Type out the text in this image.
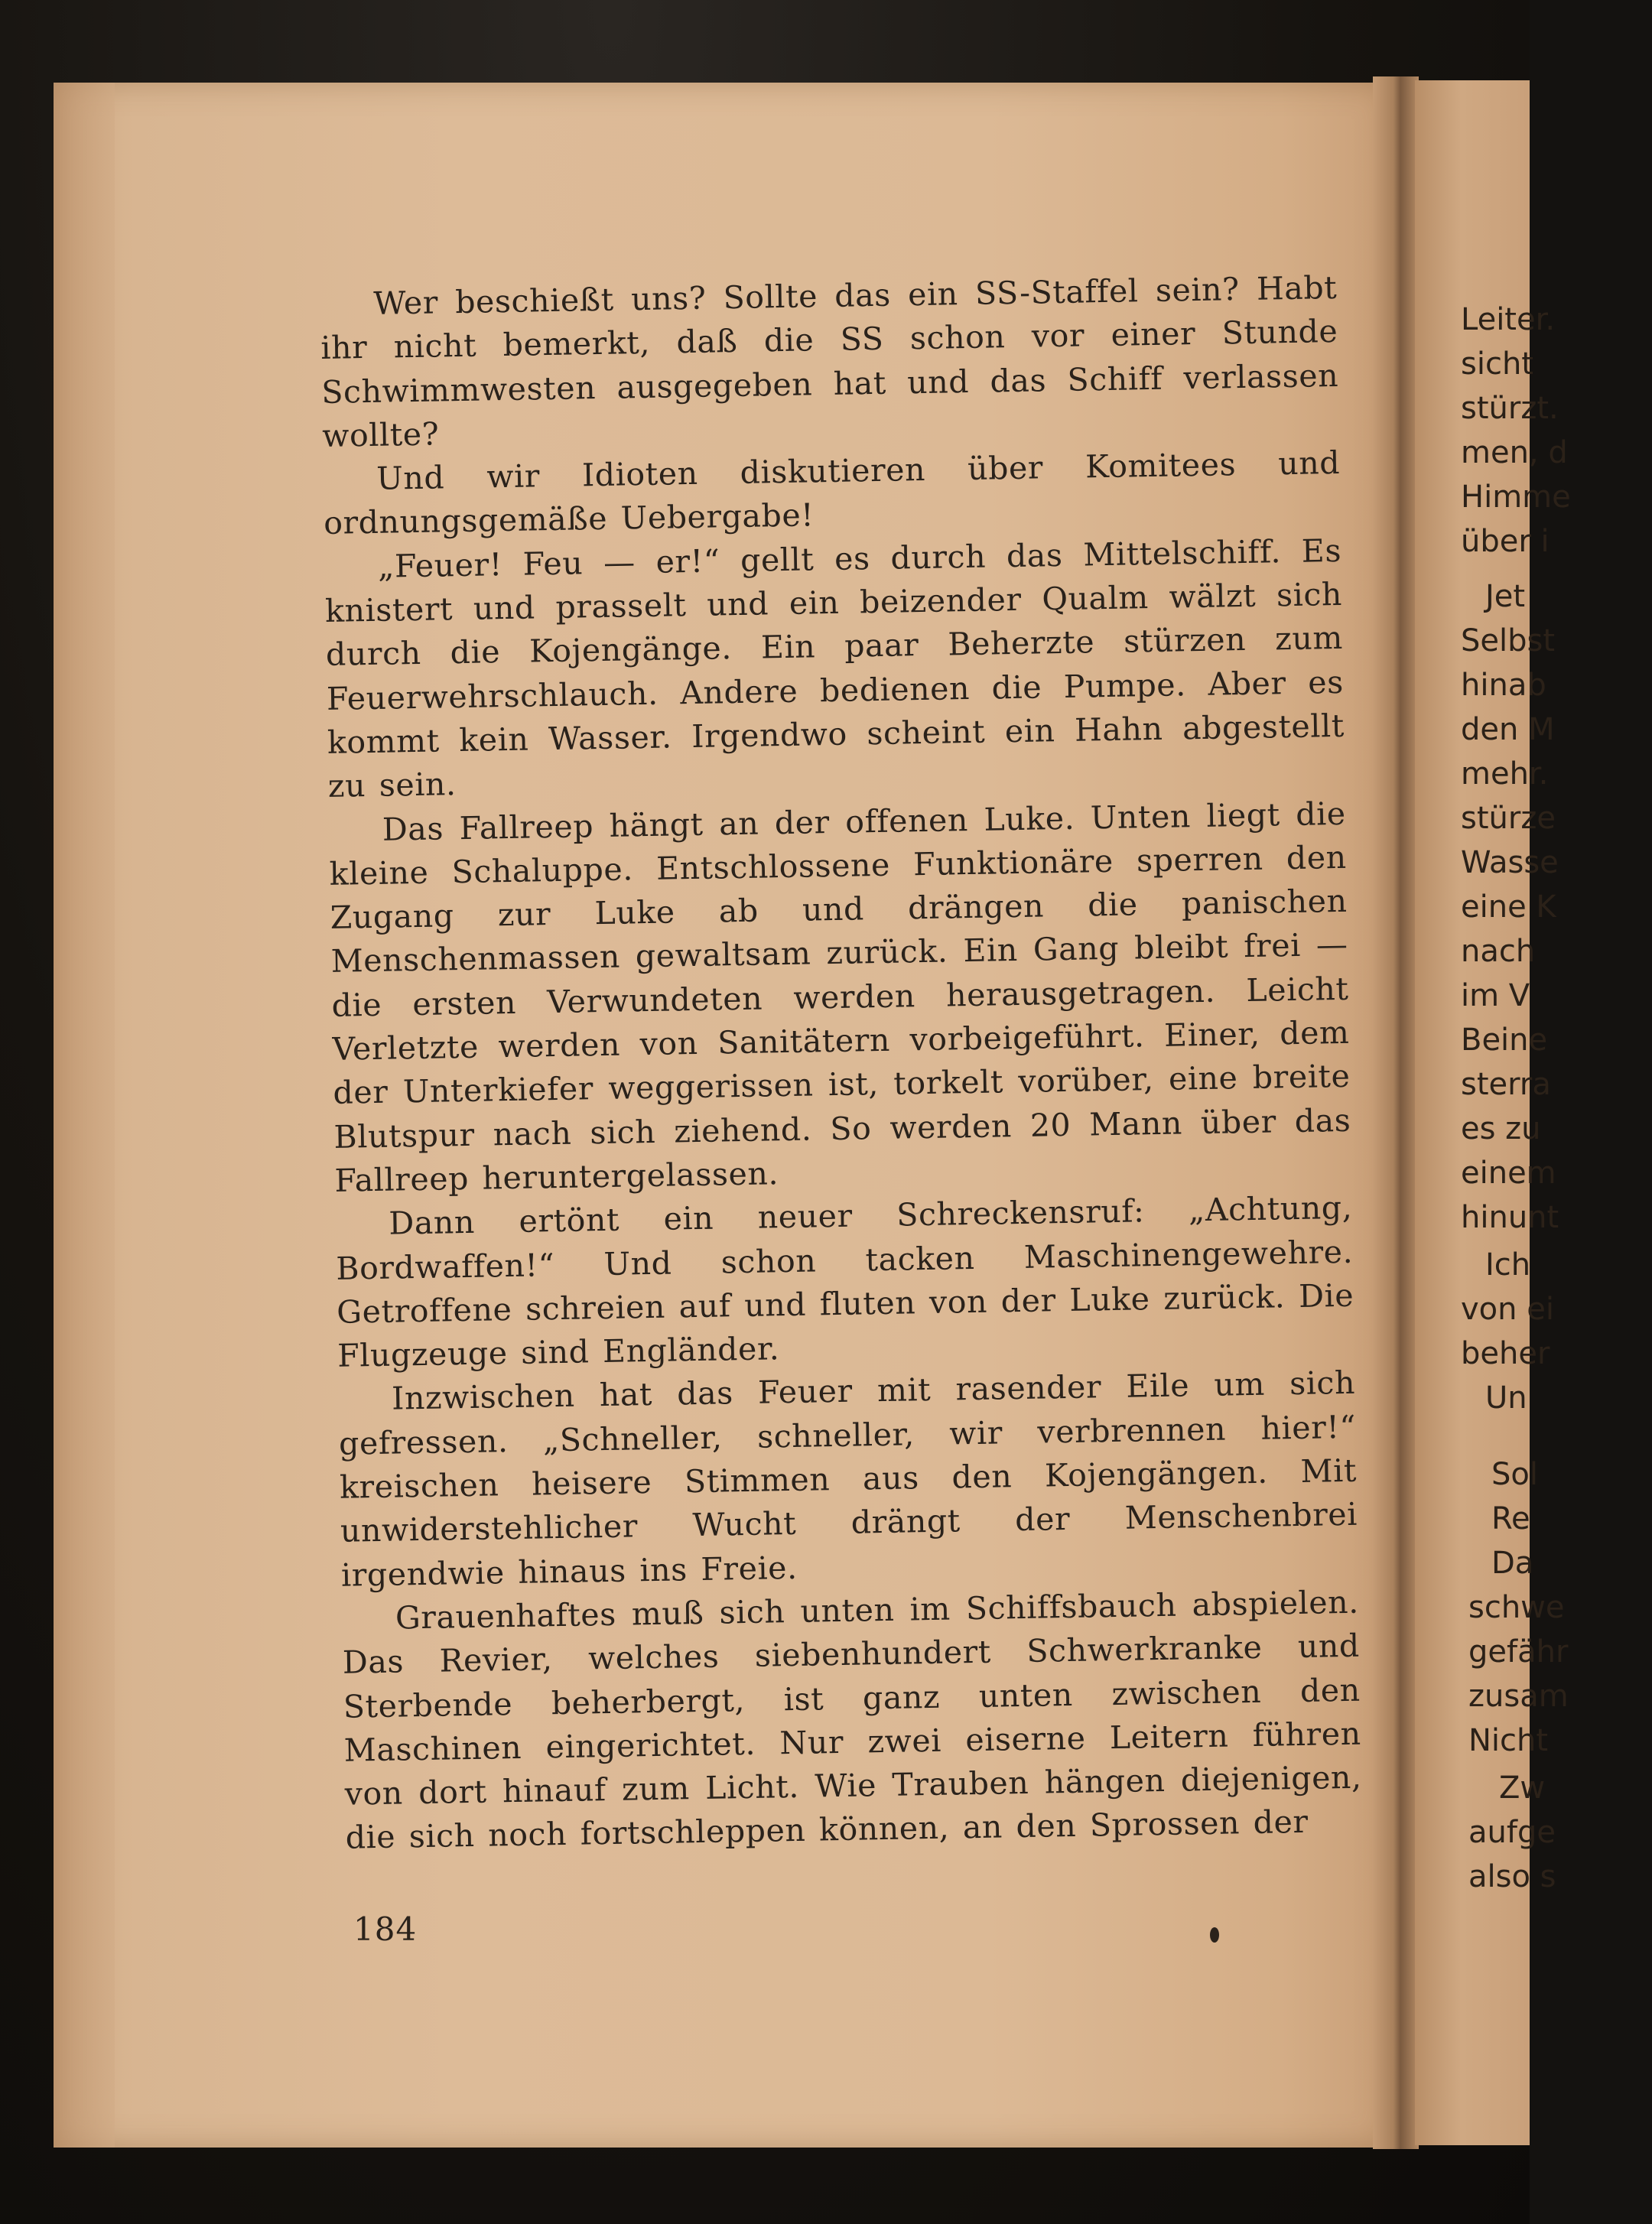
Leiter.
sicht
stürzt.
men, d
Himme
über i
Jet
Selbst
hinab
den M
mehr.
stürze
Wasse
eine K
nach
im V
Beine
sterra
es zu
einem
hinunt
Ich
von ei
beher
Un
Sol
Re
Da
schwe
gefähr
zusam
Nicht
Zw
aufge
also s

Wer beschießt uns? Sollte das ein SS-Staffel sein? Habt ihr nicht bemerkt, daß die SS schon vor einer Stunde Schwimmwesten ausgegeben hat und das Schiff verlassen wollte?

Und wir Idioten diskutieren über Komitees und ordnungsgemäße Uebergabe!

„Feuer! Feu — er!“ gellt es durch das Mittelschiff. Es knistert und prasselt und ein beizender Qualm wälzt sich durch die Kojengänge. Ein paar Beherzte stürzen zum Feuerwehrschlauch. Andere bedienen die Pumpe. Aber es kommt kein Wasser. Irgendwo scheint ein Hahn abgestellt zu sein.

Das Fallreep hängt an der offenen Luke. Unten liegt die kleine Schaluppe. Entschlossene Funktionäre sperren den Zugang zur Luke ab und drängen die panischen Menschenmassen gewaltsam zurück. Ein Gang bleibt frei — die ersten Verwundeten werden herausgetragen. Leicht Verletzte werden von Sanitätern vorbeigeführt. Einer, dem der Unterkiefer weggerissen ist, torkelt vorüber, eine breite Blutspur nach sich ziehend. So werden 20 Mann über das Fallreep heruntergelassen.

Dann ertönt ein neuer Schreckensruf: „Achtung, Bordwaffen!“ Und schon tacken Maschinengewehre. Getroffene schreien auf und fluten von der Luke zurück. Die Flugzeuge sind Engländer.

Inzwischen hat das Feuer mit rasender Eile um sich gefressen. „Schneller, schneller, wir verbrennen hier!“ kreischen heisere Stimmen aus den Kojengängen. Mit unwiderstehlicher Wucht drängt der Menschenbrei irgendwie hinaus ins Freie.

Grauenhaftes muß sich unten im Schiffsbauch abspielen. Das Revier, welches siebenhundert Schwerkranke und Sterbende beherbergt, ist ganz unten zwischen den Maschinen eingerichtet. Nur zwei eiserne Leitern führen von dort hinauf zum Licht. Wie Trauben hängen diejenigen, die sich noch fortschleppen können, an den Sprossen der

184
